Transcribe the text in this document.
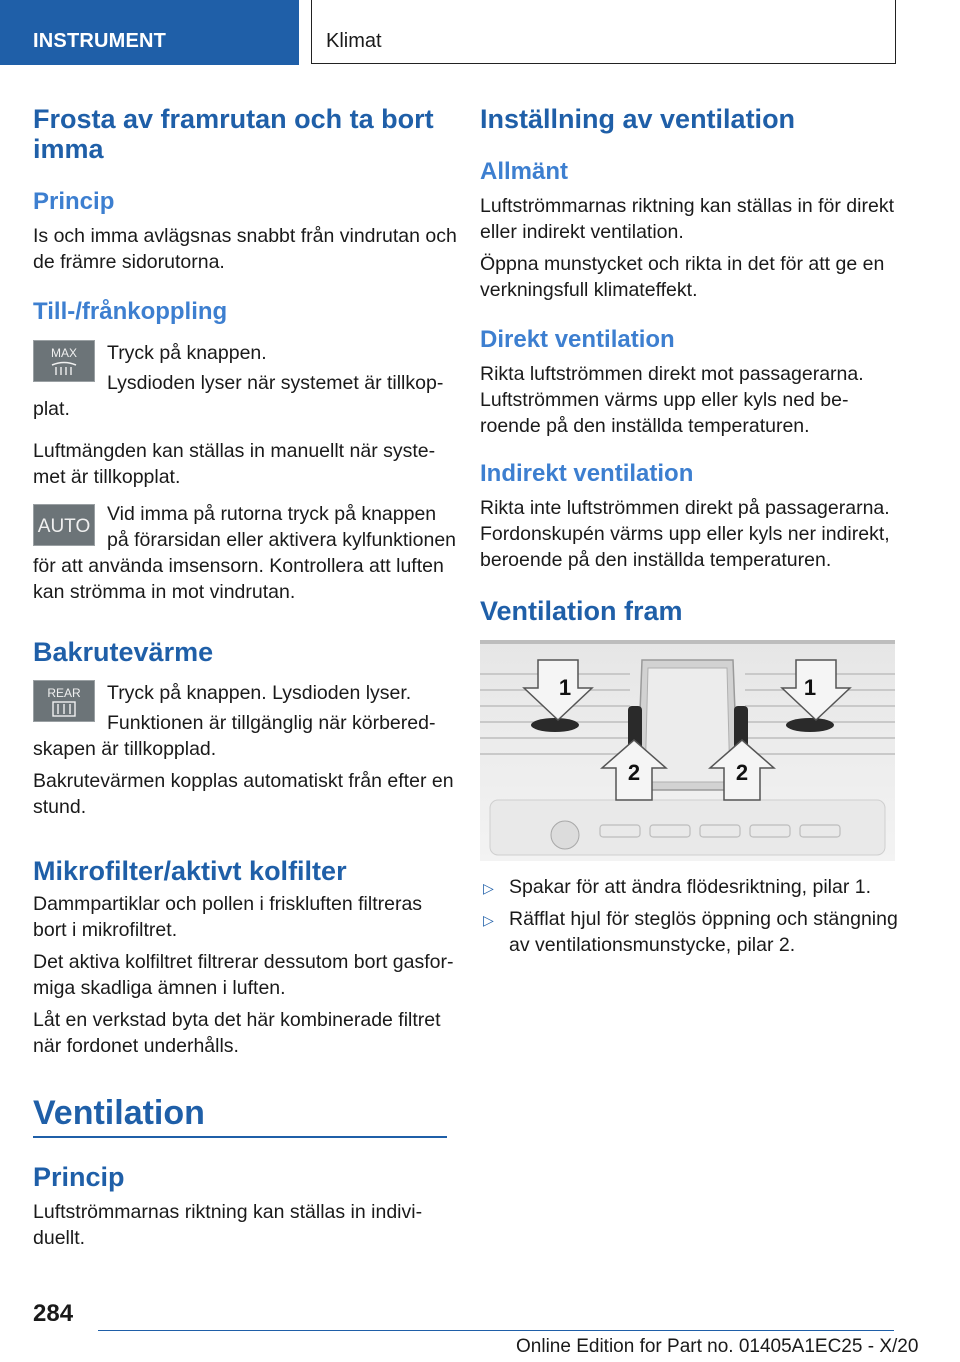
INSTRUMENT	Klimat
Frosta av framrutan och ta bort
imma
Princip
Is och imma avlägsnas snabbt från vindrutan och
de främre sidorutorna.
Till-/frånkoppling
MAX Tryck på knappen.
Lysdioden lyser när systemet är tillkop-
plat.
Luftmängden kan ställas in manuellt när syste-
met är tillkopplat.
AUTO
Vid imma på rutorna tryck på knappen
på förarsidan eller aktivera kylfunktionen
för att använda imsensorn. Kontrollera att luften
kan strömma in mot vindrutan.
Bakrutevärme
REAR Tryck på knappen. Lysdioden lyser.
Funktionen är tillgänglig när körbered-
skapen är tillkopplad.
Bakrutevärmen kopplas automatiskt från efter en
stund.
Mikrofilter/aktivt kolfilter
Dammpartiklar och pollen i friskluften filtreras
bort i mikrofiltret.
Det aktiva kolfiltret filtrerar dessutom bort gasfor-
miga skadliga ämnen i luften.
Låt en verkstad byta det här kombinerade filtret
när fordonet underhålls.
Ventilation
Princip
Luftströmmarnas riktning kan ställas in indivi-
duellt.
Inställning av ventilation
Allmänt
Luftströmmarnas riktning kan ställas in för direkt
eller indirekt ventilation.
Öppna munstycket och rikta in det för att ge en
verkningsfull klimateffekt.
Direkt ventilation
Rikta luftströmmen direkt mot passagerarna.
Luftströmmen värms upp eller kyls ned be-
roende på den inställda temperaturen.
Indirekt ventilation
Rikta inte luftströmmen direkt på passagerarna.
Fordonskupén värms upp eller kyls ner indirekt,
beroende på den inställda temperaturen.
Ventilation fram
1	1
2	2
▷ Spakar för att ändra flödesriktning, pilar 1.
▷ Räfflat hjul för steglös öppning och stängning
av ventilationsmunstycke, pilar 2.
284
Online Edition for Part no. 01405A1EC25 - X/20
